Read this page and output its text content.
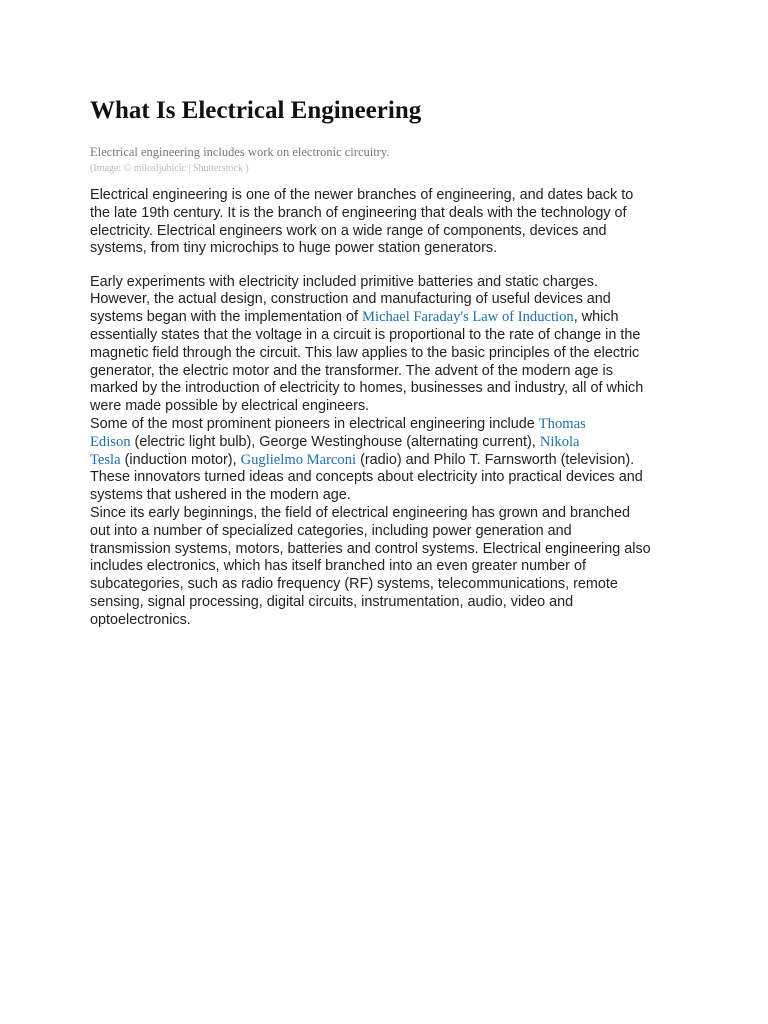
What Is Electrical Engineering

Electrical engineering includes work on electronic circuitry.

(Image: © milosljubicic | Shutterstock )

Electrical engineering is one of the newer branches of engineering, and dates back to
the late 19th century. It is the branch of engineering that deals with the technology of
electricity. Electrical engineers work on a wide range of components, devices and
systems, from tiny microchips to huge power station generators.

Early experiments with electricity included primitive batteries and static charges.
However, the actual design, construction and manufacturing of useful devices and
systems began with the implementation of Michael Faraday's Law of Induction, which
essentially states that the voltage in a circuit is proportional to the rate of change in the
magnetic field through the circuit. This law applies to the basic principles of the electric
generator, the electric motor and the transformer. The advent of the modern age is
marked by the introduction of electricity to homes, businesses and industry, all of which
were made possible by electrical engineers.

Some of the most prominent pioneers in electrical engineering include Thomas
Edison (electric light bulb), George Westinghouse (alternating current), Nikola
Tesla (induction motor), Guglielmo Marconi (radio) and Philo T. Farnsworth (television).
These innovators turned ideas and concepts about electricity into practical devices and
systems that ushered in the modern age.

Since its early beginnings, the field of electrical engineering has grown and branched
out into a number of specialized categories, including power generation and
transmission systems, motors, batteries and control systems. Electrical engineering also
includes electronics, which has itself branched into an even greater number of
subcategories, such as radio frequency (RF) systems, telecommunications, remote
sensing, signal processing, digital circuits, instrumentation, audio, video and
optoelectronics.
